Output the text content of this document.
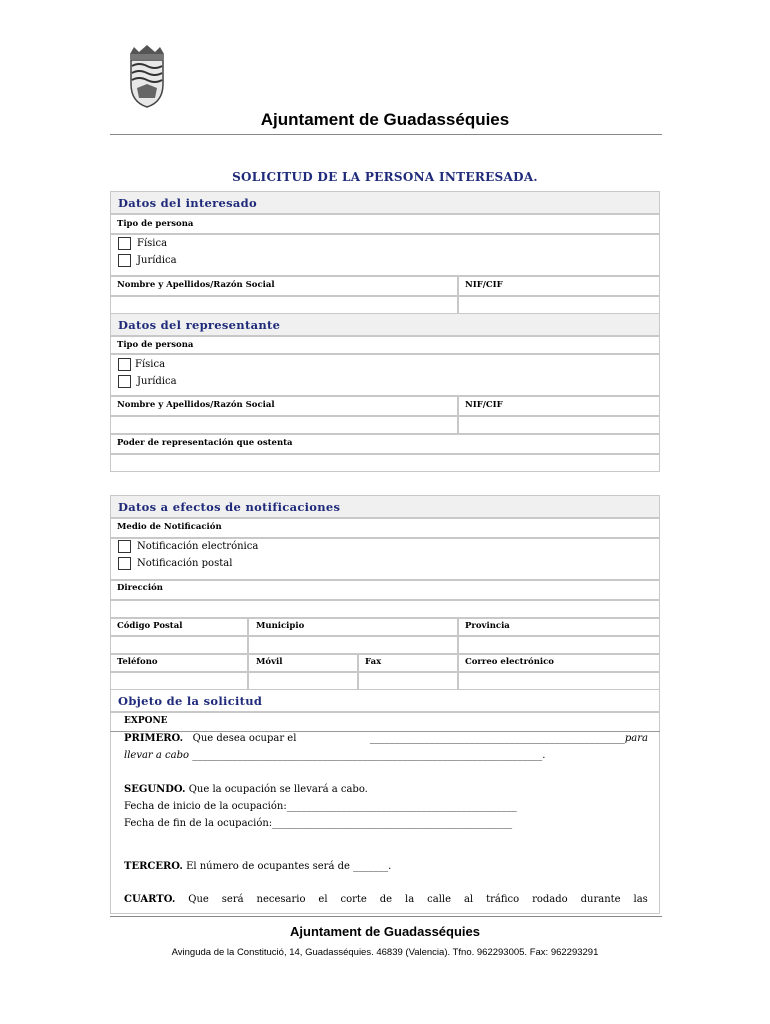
Ajuntament de Guadasséquies
SOLICITUD DE LA PERSONA INTERESADA.
Datos del interesado
Tipo de persona
Física
Jurídica
Nombre y Apellidos/Razón Social	NIF/CIF
Datos del representante
Tipo de persona
Física
Jurídica
Nombre y Apellidos/Razón Social	NIF/CIF
Poder de representación que ostenta
Datos a efectos de notificaciones
Medio de Notificación
Notificación electrónica
Notificación postal
Dirección
Código Postal	Municipio	Provincia
Teléfono	Móvil	Fax	Correo electrónico
Objeto de la solicitud
EXPONE
PRIMERO. Que desea ocupar el	___________________________________________________para
llevar a cabo ______________________________________________________________________.
SEGUNDO. Que la ocupación se llevará a cabo.
Fecha de inicio de la ocupación:______________________________________________
Fecha de fin de la ocupación:________________________________________________
TERCERO. El número de ocupantes será de _______.
CUARTO. Que será necesario el corte de la calle al tráfico rodado durante las
Ajuntament de Guadasséquies
Avinguda de la Constitució, 14, Guadasséquies. 46839 (Valencia). Tfno. 962293005. Fax: 962293291
